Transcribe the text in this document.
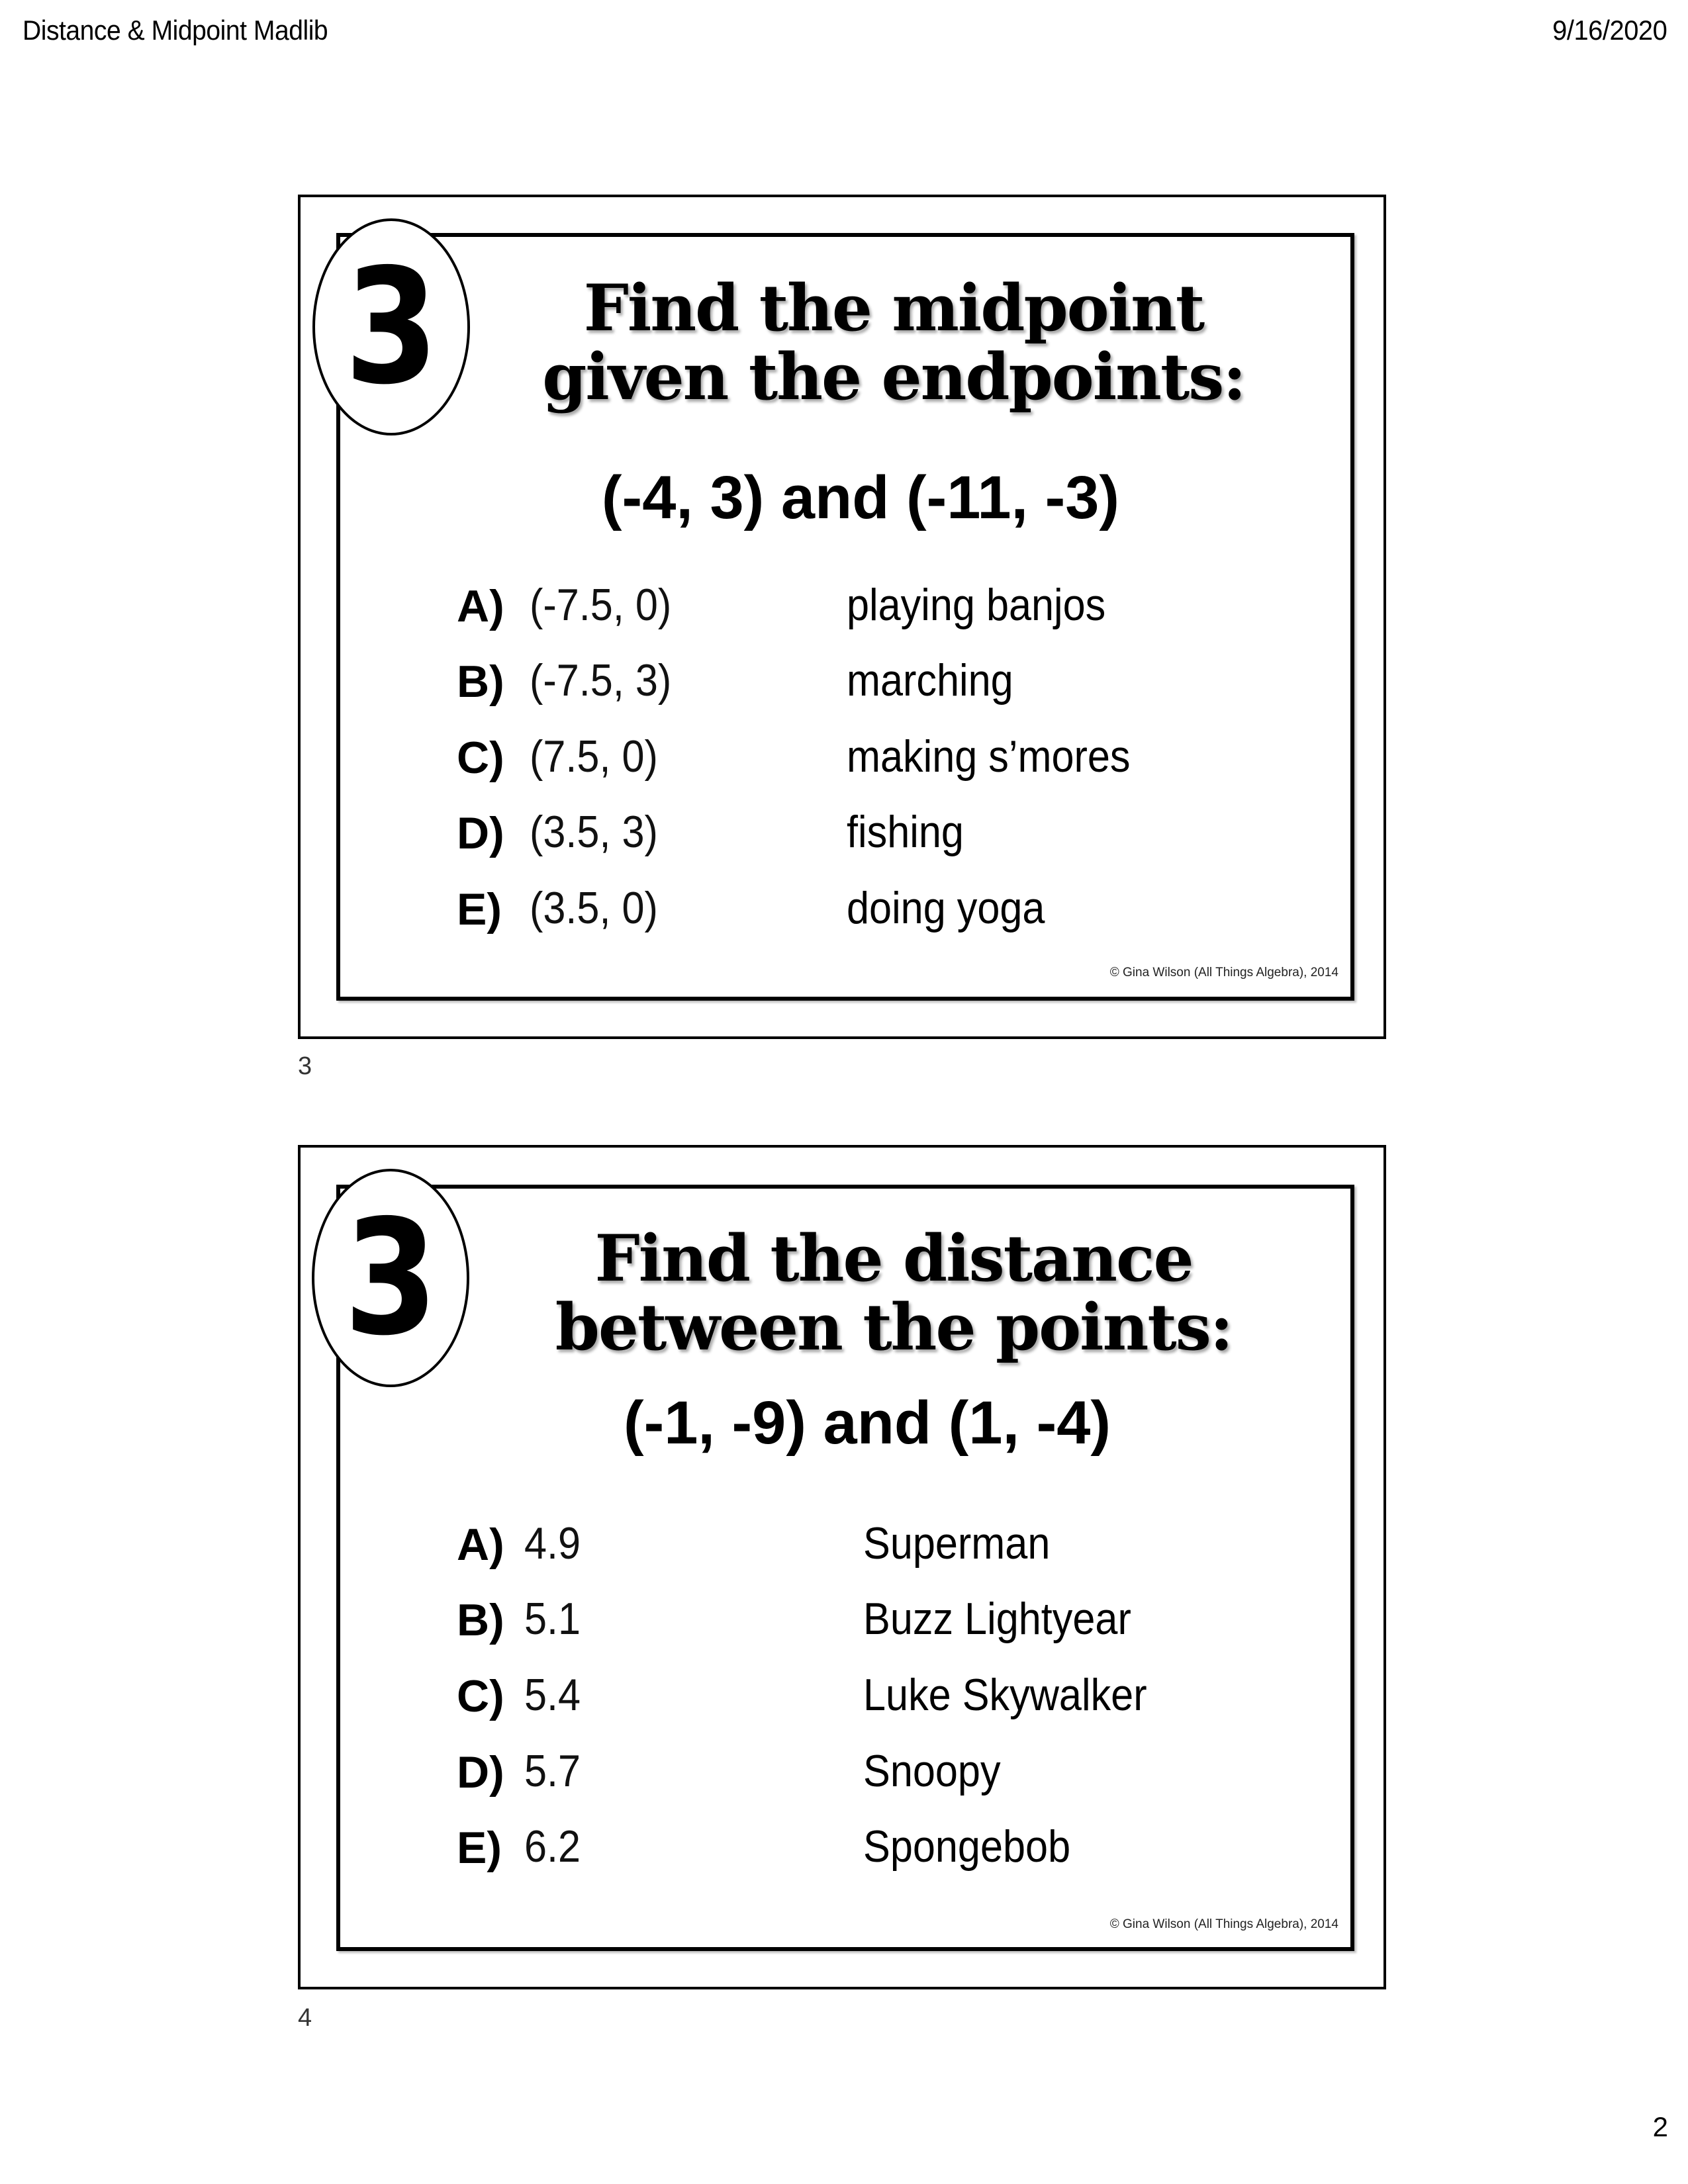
Distance & Midpoint Madlib	9/16/2020
3	Find the midpoint
given the endpoints:
(-4, 3) and (-11, -3)
A) (-7.5, 0)	playing banjos
B) (-7.5, 3)	marching
C) (7.5, 0)	making s’mores
D) (3.5, 3)	fishing
E) (3.5, 0)	doing yoga
© Gina Wilson (All Things Algebra), 2014
3
3	Find the distance
between the points:
(-1, -9) and (1, -4)
A) 4.9	Superman
B) 5.1	Buzz Lightyear
C) 5.4	Luke Skywalker
D) 5.7	Snoopy
E) 6.2	Spongebob
© Gina Wilson (All Things Algebra), 2014
4
2
